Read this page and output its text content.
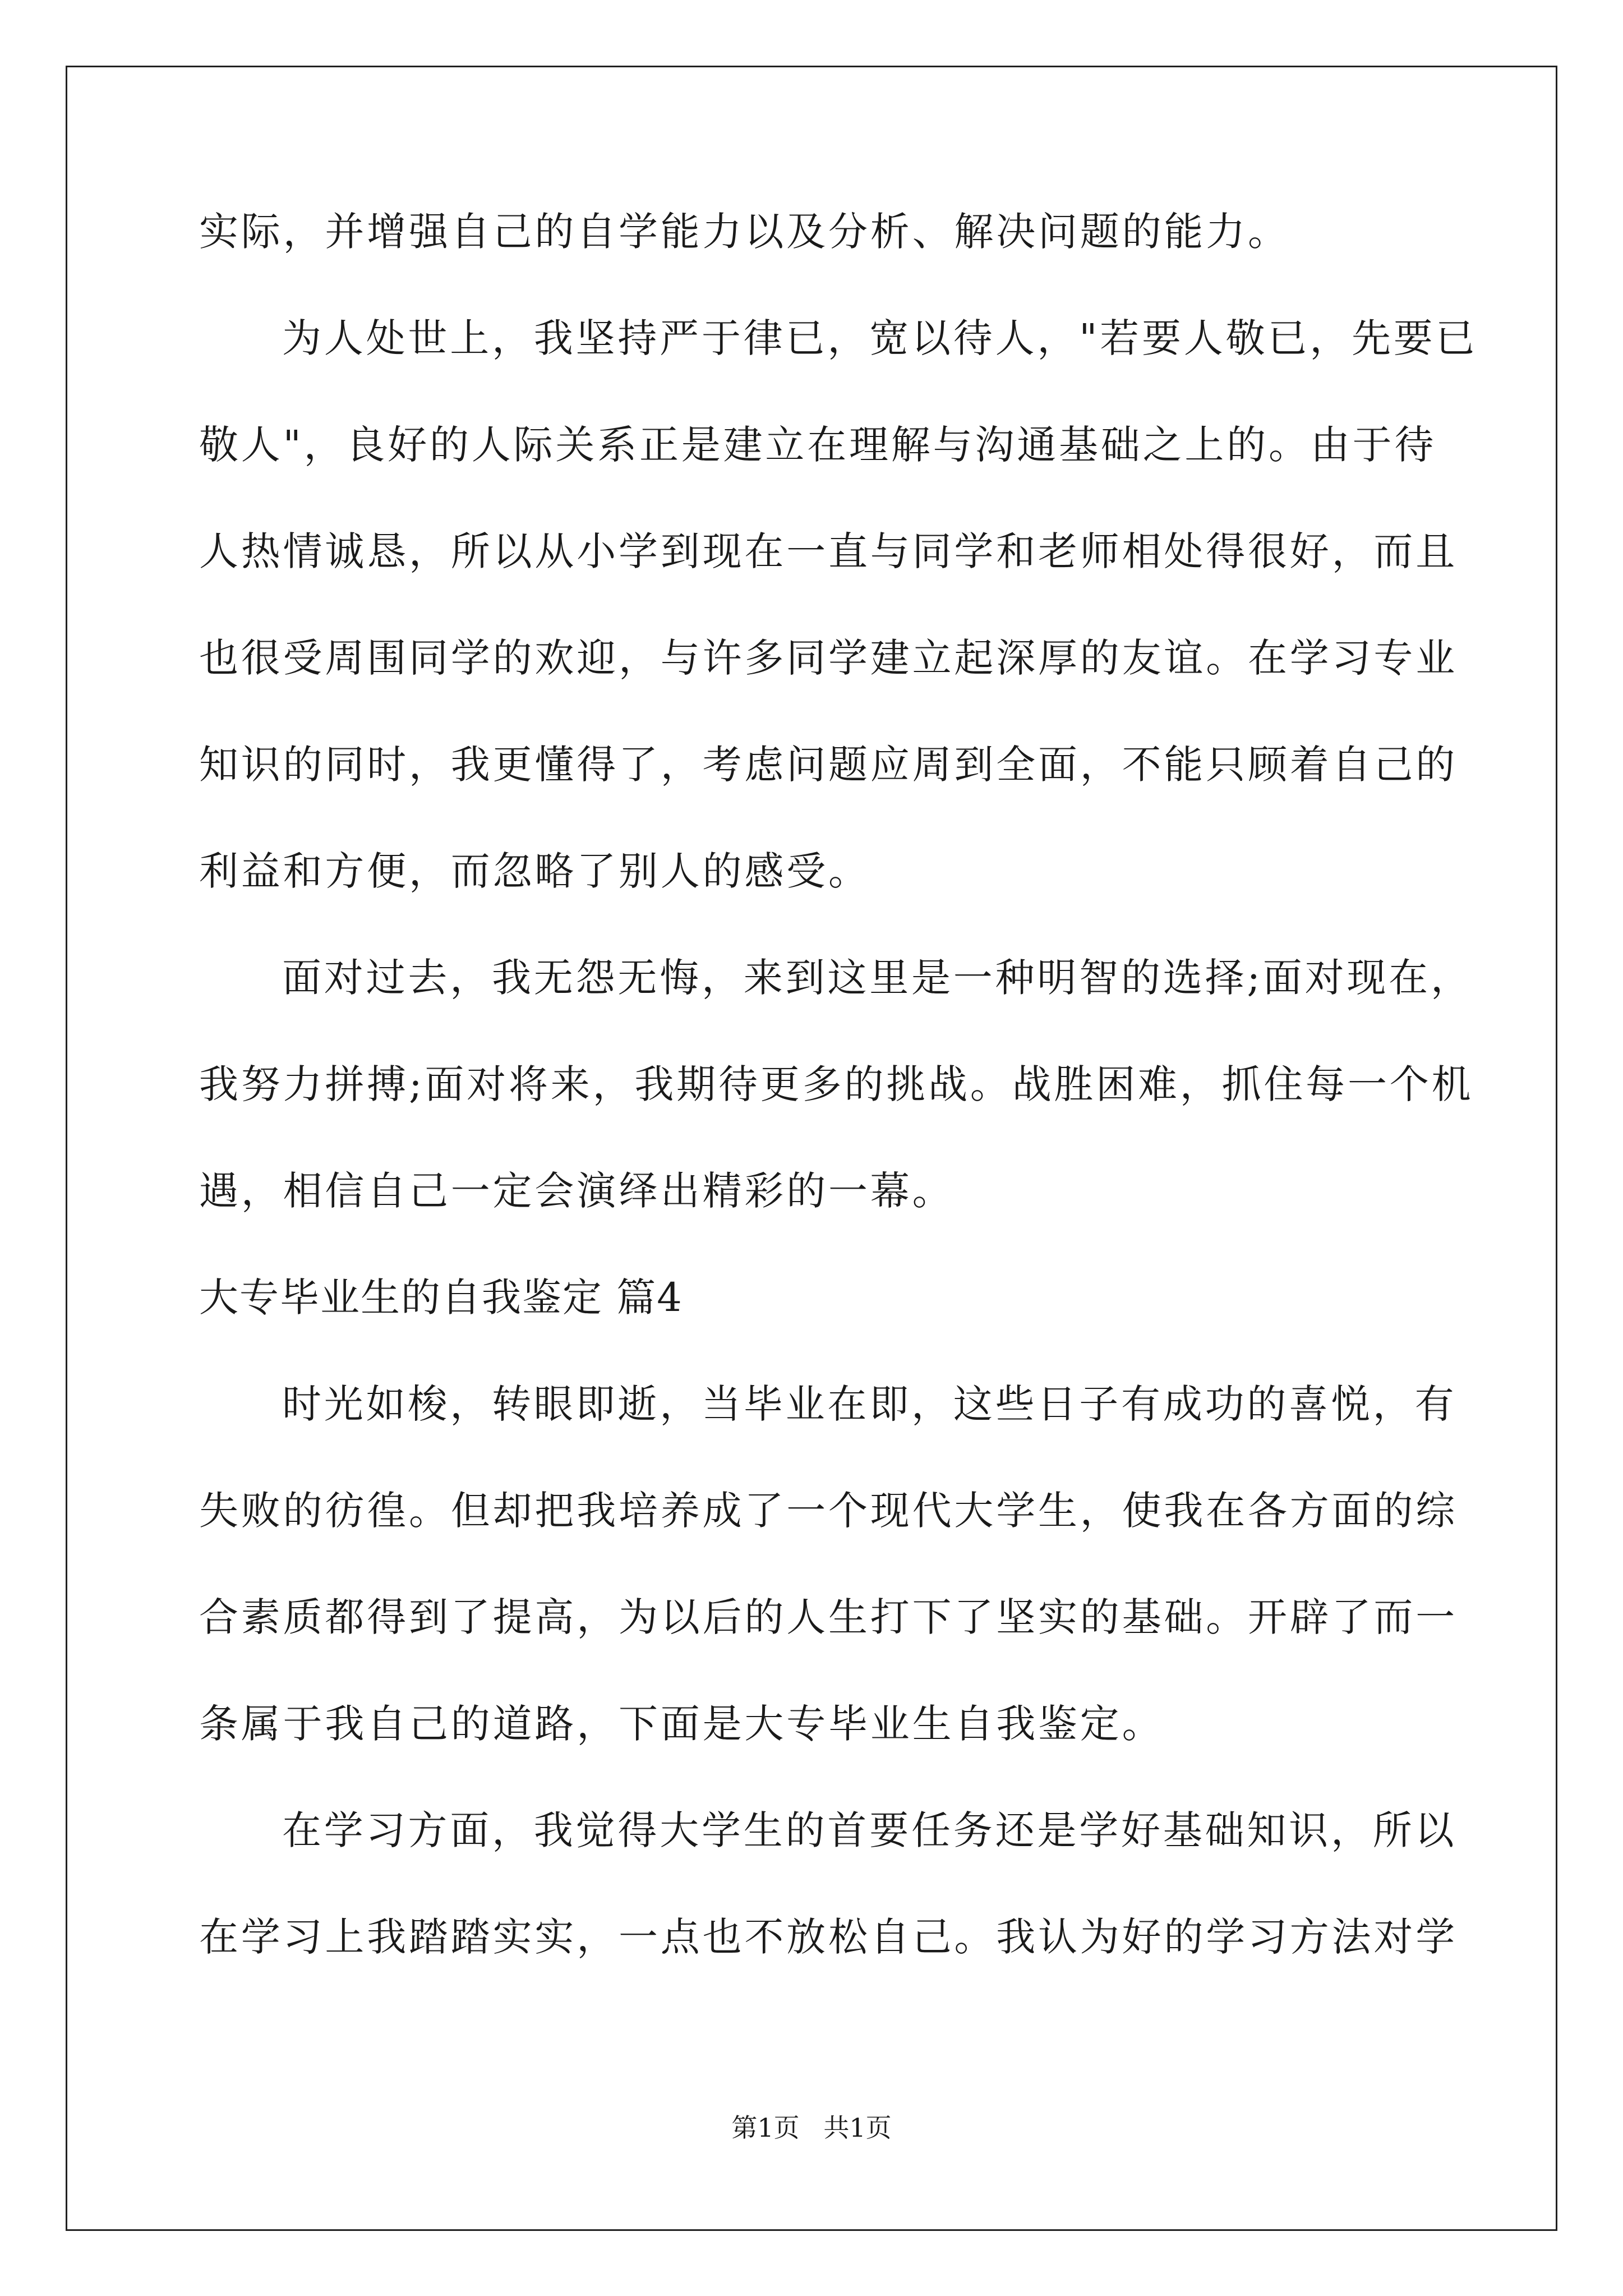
实际，并增强自己的自学能力以及分析、解决问题的能力。
为人处世上，我坚持严于律已，宽以待人，"若要人敬已，先要已
敬人"，良好的人际关系正是建立在理解与沟通基础之上的。由于待
人热情诚恳，所以从小学到现在一直与同学和老师相处得很好，而且
也很受周围同学的欢迎，与许多同学建立起深厚的友谊。在学习专业
知识的同时，我更懂得了，考虑问题应周到全面，不能只顾着自己的
利益和方便，而忽略了别人的感受。
面对过去，我无怨无悔，来到这里是一种明智的选择;面对现在，
我努力拼搏;面对将来，我期待更多的挑战。战胜困难，抓住每一个机
遇，相信自己一定会演绎出精彩的一幕。
大专毕业生的自我鉴定 篇4
时光如梭，转眼即逝，当毕业在即，这些日子有成功的喜悦，有
失败的彷徨。但却把我培养成了一个现代大学生，使我在各方面的综
合素质都得到了提高，为以后的人生打下了坚实的基础。开辟了而一
条属于我自己的道路，下面是大专毕业生自我鉴定。
在学习方面，我觉得大学生的首要任务还是学好基础知识，所以
在学习上我踏踏实实，一点也不放松自己。我认为好的学习方法对学
第1页 共1页
